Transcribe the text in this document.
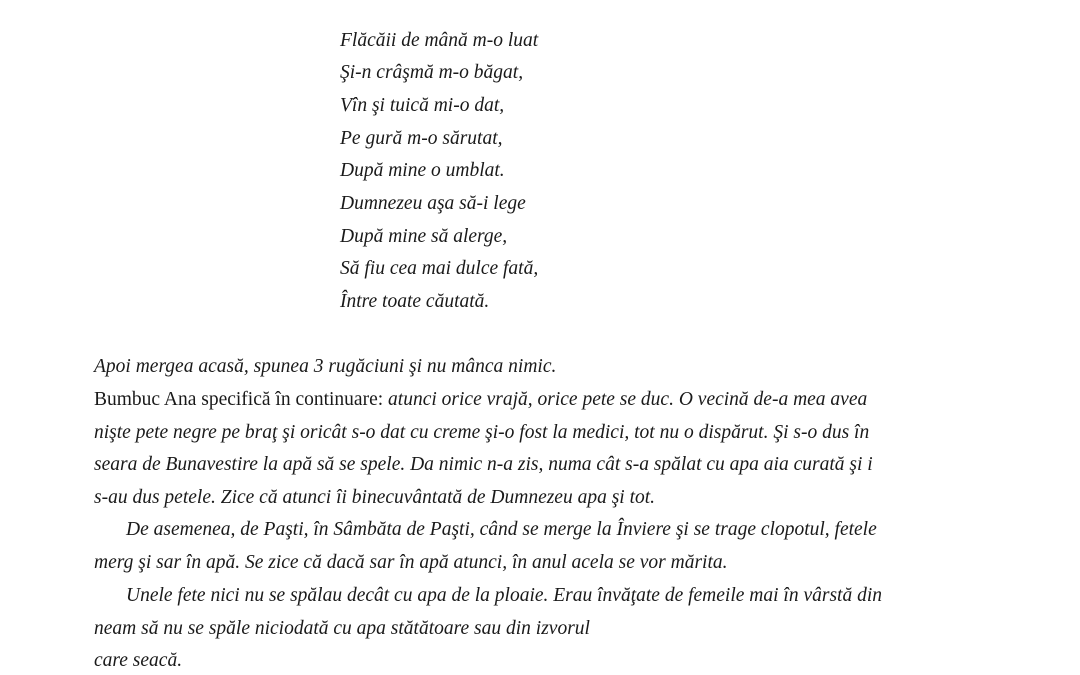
Flăcăii de mână m-o luat
Şi-n crâşmă m-o băgat,
Vîn şi tuică mi-o dat,
Pe gură m-o sărutat,
După mine o umblat.
Dumnezeu aşa să-i lege
După mine să alerge,
Să fiu cea mai dulce fată,
Între toate căutată.
Apoi mergea acasă, spunea 3 rugăciuni şi nu mânca nimic.
Bumbuc Ana specifică în continuare: atunci orice vrajă, orice pete se duc. O vecină de-a mea avea
nişte pete negre pe braţ şi oricât s-o dat cu creme şi-o fost la medici, tot nu o dispărut. Şi s-o dus în
seara de Bunavestire la apă să se spele. Da nimic n-a zis, numa cât s-a spălat cu apa aia curată şi i
s-au dus petele. Zice că atunci îi binecuvântată de Dumnezeu apa şi tot.
De asemenea, de Paşti, în Sâmbăta de Paşti, când se merge la Înviere şi se trage clopotul, fetele
merg şi sar în apă. Se zice că dacă sar în apă atunci, în anul acela se vor mărita.
Unele fete nici nu se spălau decât cu apa de la ploaie. Erau învăţate de femeile mai în vârstă din
neam să nu se spăle niciodată cu apa stătătoare sau din izvorul
care seacă.
